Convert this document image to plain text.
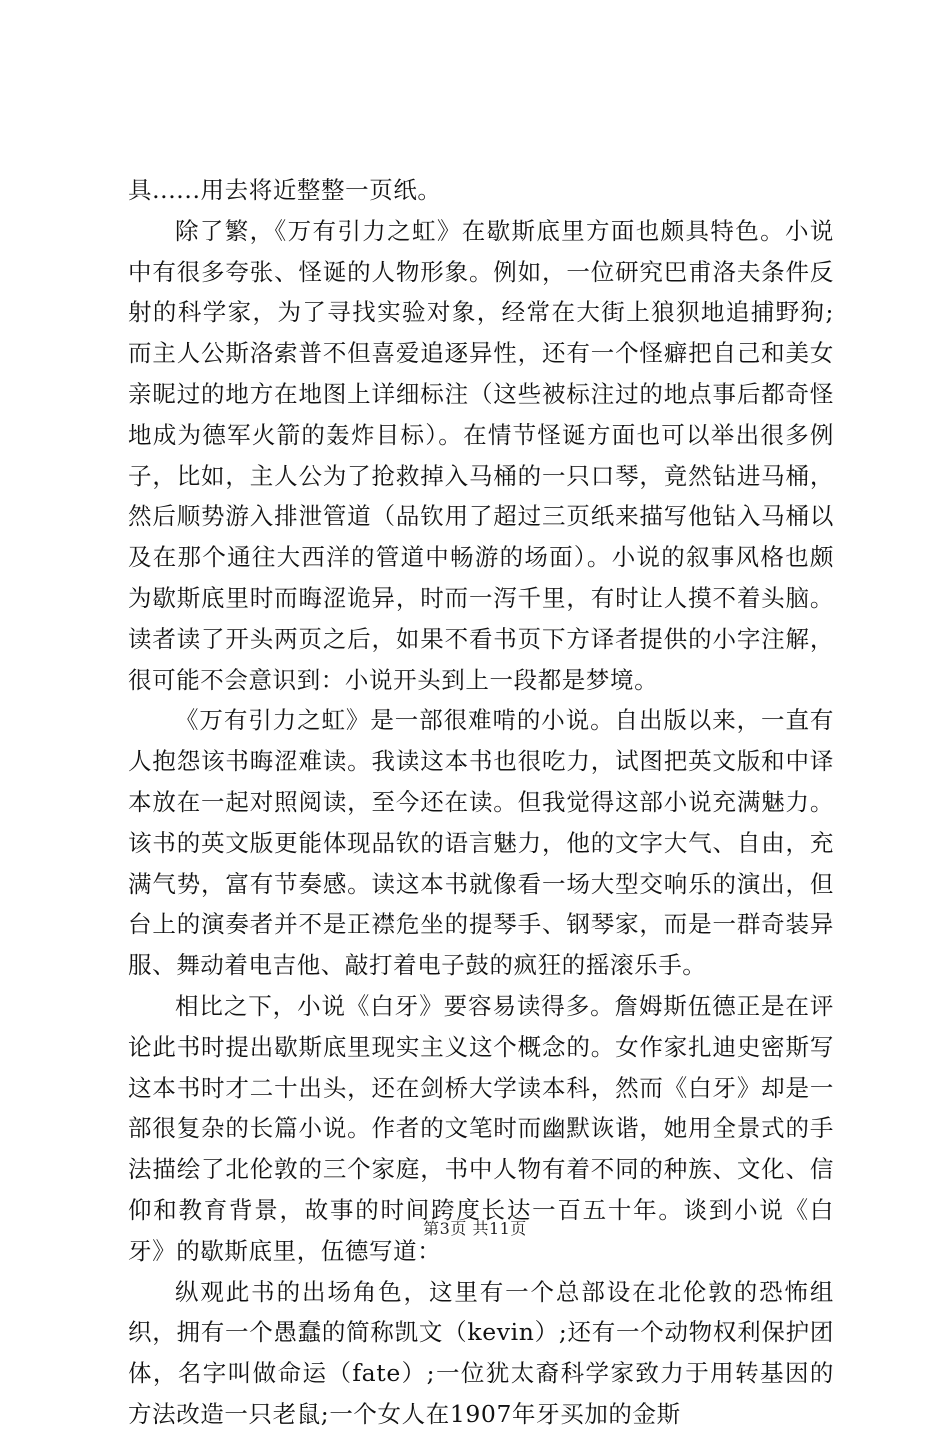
具......用去将近整整一页纸。

除了繁，《万有引力之虹》在歇斯底里方面也颇具特色。小说中有很多夸张、怪诞的人物形象。例如，一位研究巴甫洛夫条件反射的科学家，为了寻找实验对象，经常在大街上狼狈地追捕野狗;而主人公斯洛索普不但喜爱追逐异性，还有一个怪癖把自己和美女亲昵过的地方在地图上详细标注（这些被标注过的地点事后都奇怪地成为德军火箭的轰炸目标）。在情节怪诞方面也可以举出很多例子，比如，主人公为了抢救掉入马桶的一只口琴，竟然钻进马桶，然后顺势游入排泄管道（品钦用了超过三页纸来描写他钻入马桶以及在那个通往大西洋的管道中畅游的场面）。小说的叙事风格也颇为歇斯底里时而晦涩诡异，时而一泻千里，有时让人摸不着头脑。读者读了开头两页之后，如果不看书页下方译者提供的小字注解，很可能不会意识到：小说开头到上一段都是梦境。

《万有引力之虹》是一部很难啃的小说。自出版以来，一直有人抱怨该书晦涩难读。我读这本书也很吃力，试图把英文版和中译本放在一起对照阅读，至今还在读。但我觉得这部小说充满魅力。该书的英文版更能体现品钦的语言魅力，他的文字大气、自由，充满气势，富有节奏感。读这本书就像看一场大型交响乐的演出，但台上的演奏者并不是正襟危坐的提琴手、钢琴家，而是一群奇装异服、舞动着电吉他、敲打着电子鼓的疯狂的摇滚乐手。

相比之下，小说《白牙》要容易读得多。詹姆斯伍德正是在评论此书时提出歇斯底里现实主义这个概念的。女作家扎迪史密斯写这本书时才二十出头，还在剑桥大学读本科，然而《白牙》却是一部很复杂的长篇小说。作者的文笔时而幽默诙谐，她用全景式的手法描绘了北伦敦的三个家庭，书中人物有着不同的种族、文化、信仰和教育背景，故事的时间跨度长达一百五十年。谈到小说《白牙》的歇斯底里，伍德写道：

纵观此书的出场角色，这里有一个总部设在北伦敦的恐怖组织，拥有一个愚蠢的简称凯文（kevin）;还有一个动物权利保护团体，名字叫做命运（fate）;一位犹太裔科学家致力于用转基因的方法改造一只老鼠;一个女人在1907年牙买加的金斯

第3页 共11页
